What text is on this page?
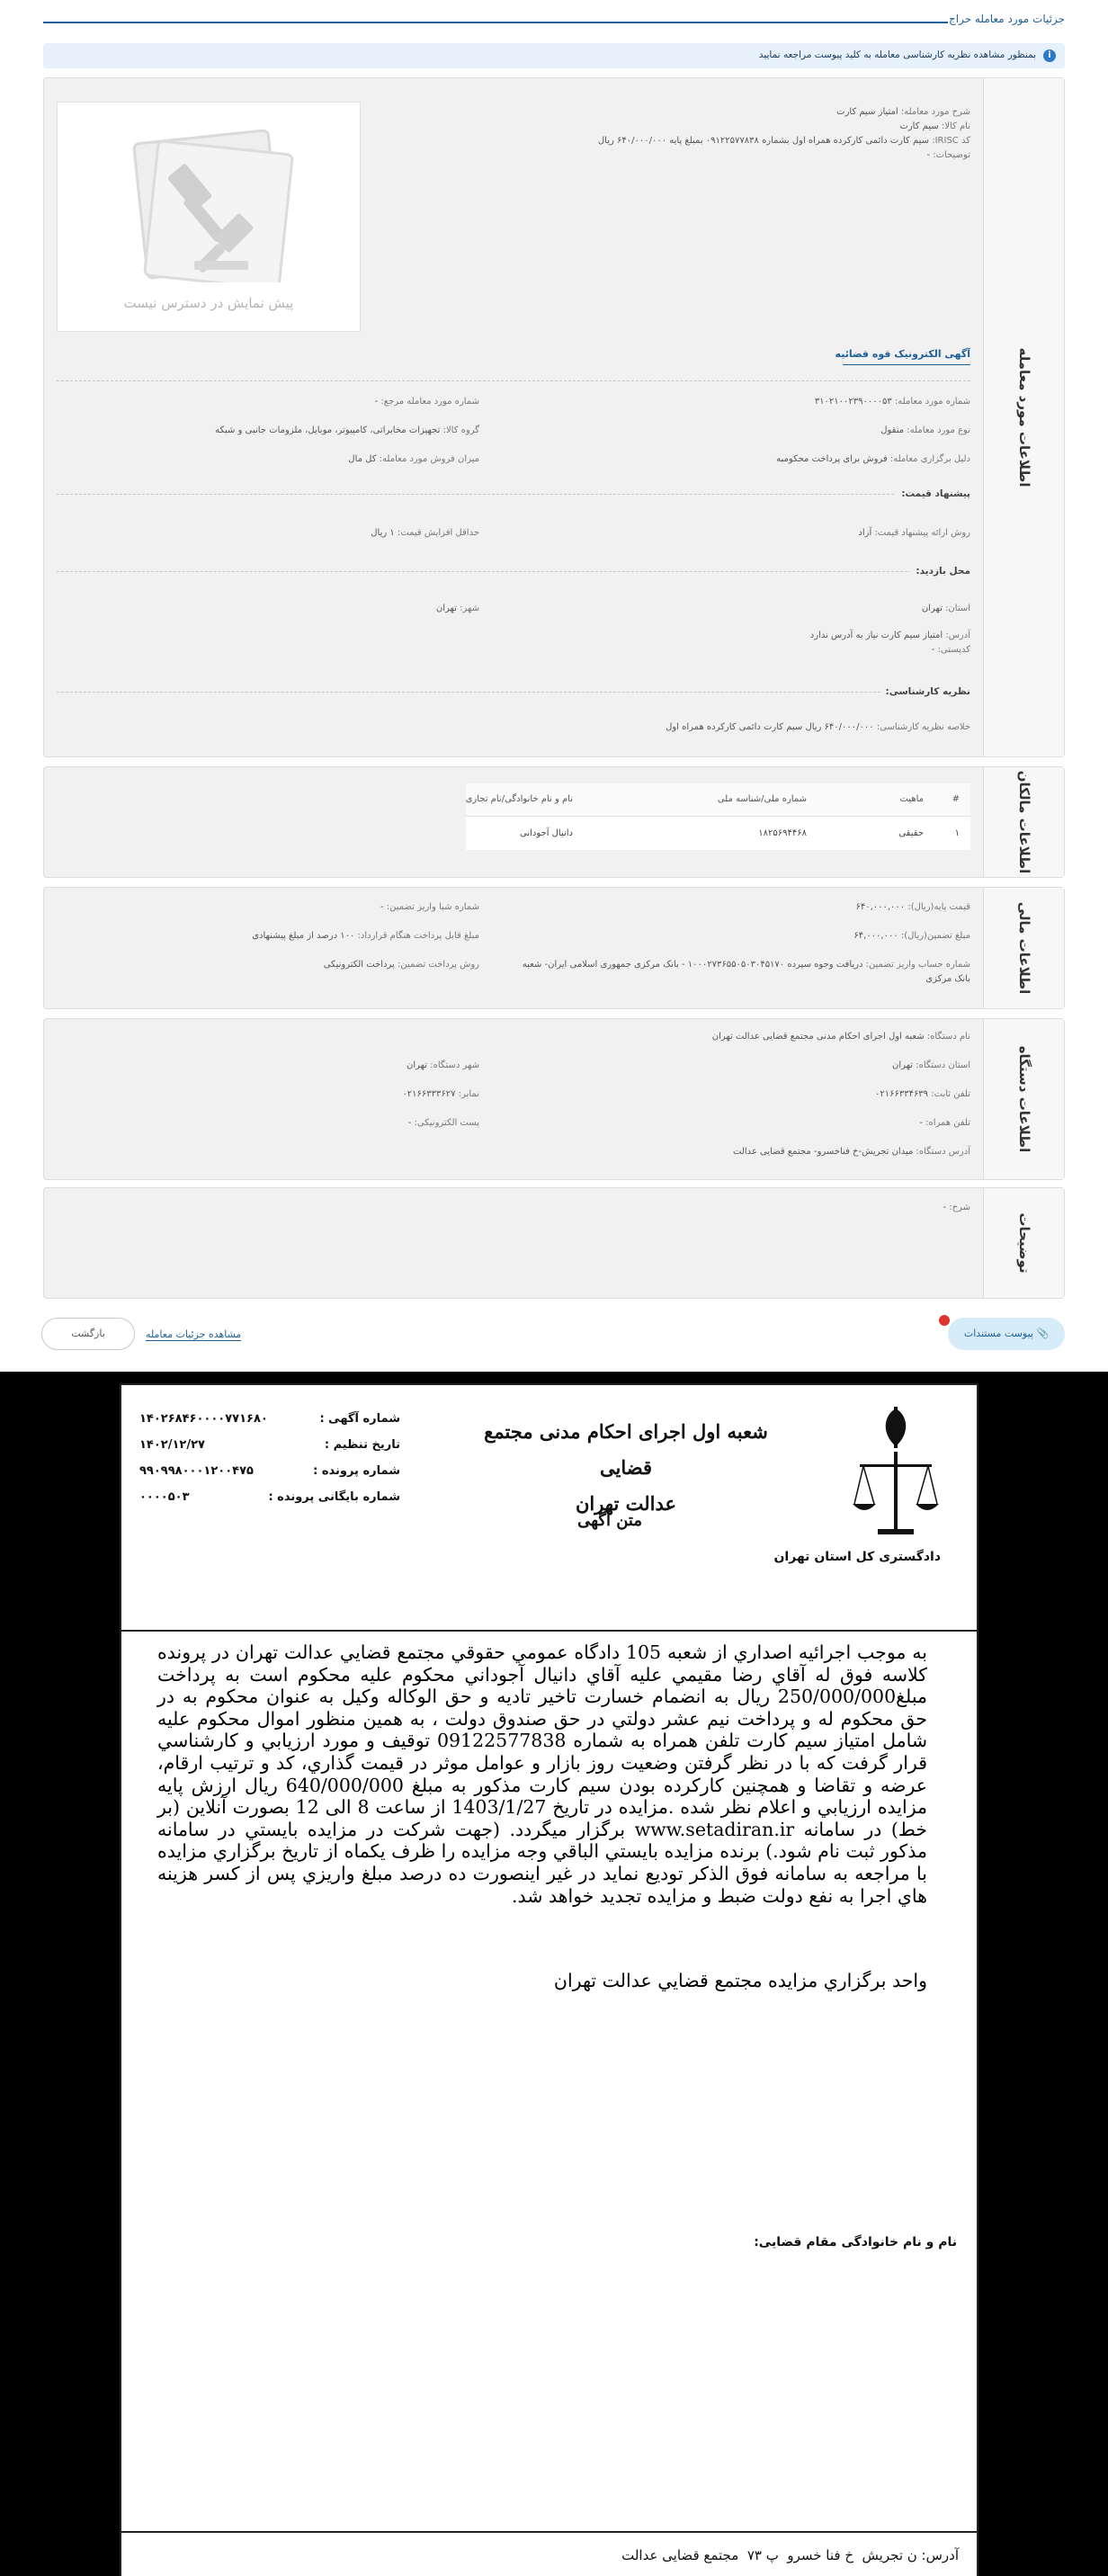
جزئیات مورد معامله حراج
i
بمنظور مشاهده نظریه کارشناسی معامله به کلید پیوست مراجعه نمایید
اطلاعات مورد معامله
شرح مورد معامله: امتیاز سیم کارت
نام کالا: سیم کارت
کد IRISC: سیم کارت دائمی کارکرده همراه اول بشماره ۰۹۱۲۲۵۷۷۸۳۸ بمبلغ پایه ۶۴۰/۰۰۰/۰۰۰ ریال
توضیحات: -
پیش نمایش در دسترس نیست
آگهی الکترونیک قوه قضائیه
شماره مورد معامله: ۳۱۰۲۱۰۰۲۳۹۰۰۰۰۵۳
شماره مورد معامله مرجع: -
نوع مورد معامله: منقول
گروه کالا: تجهیزات مخابراتی، کامپیوتر، موبایل، ملزومات جانبی و شبکه
دلیل برگزاری معامله: فروش برای پرداخت محکومبه
میزان فروش مورد معامله: کل مال
پیشنهاد قیمت:
روش ارائه پیشنهاد قیمت: آزاد
حداقل افزایش قیمت: ۱ ریال
محل بازدید:
استان: تهران
شهر: تهران
آدرس: امتیاز سیم کارت نیاز به آدرس ندارد
کدپستی: -
نظریه کارشناسی:
خلاصه نظریه کارشناسی: ۶۴۰/۰۰۰/۰۰۰ ریال سیم کارت دائمی کارکرده همراه اول
اطلاعات مالکان
#	ماهیت	شماره ملی/شناسه ملی	نام و نام خانوادگی/نام تجاری
۱	حقیقی	۱۸۲۵۶۹۴۴۶۸	دانیال آجودانی
اطلاعات مالی
قیمت پایه(ریال): ۶۴۰,۰۰۰,۰۰۰
شماره شبا واریز تضمین: -
مبلغ تضمین(ریال): ۶۴,۰۰۰,۰۰۰
مبلغ قابل پرداخت هنگام قرارداد: ۱۰۰ درصد از مبلغ پیشنهادی
شماره حساب واریز تضمین: دریافت وجوه سپرده ۱۰۰۰۲۷۳۶۵۵۰۵۰۳۰۴۵۱۷۰ - بانک مرکزی جمهوری اسلامی ایران- شعبه
بانک مرکزی
روش پرداخت تضمین: پرداخت الکترونیکی
اطلاعات دستگاه
نام دستگاه: شعبه اول اجرای احکام مدنی مجتمع قضایی عدالت تهران
استان دستگاه: تهران
شهر دستگاه: تهران
تلفن ثابت: ۰۲۱۶۶۳۳۴۶۳۹
نمابر: ۰۲۱۶۶۳۳۳۶۲۷
تلفن همراه: -
پست الکترونیکی: -
آدرس دستگاه: میدان تجریش-خ فناخسرو- مجتمع قضایی عدالت
توضیحات
شرح: -
📎 پیوست مستندات
مشاهده جزئیات معامله
بازگشت
دادگستری کل استان تهران
شعبه اول اجرای احکام مدنی مجتمع قضایی
عدالت تهران
متن آگهی
شماره آگهی :
۱۴۰۲۶۸۴۶۰۰۰۰۷۷۱۶۸۰
تاریخ تنظیم :
۱۴۰۲/۱۲/۲۷
شماره پرونده :
۹۹۰۹۹۸۰۰۰۱۲۰۰۴۷۵
شماره بایگانی پرونده :
۰۰۰۰۵۰۳
به موجب اجرائيه اصداري از شعبه 105 دادگاه عمومي حقوقي مجتمع قضايي عدالت تهران در پرونده كلاسه فوق له آقاي رضا مقيمي عليه آقاي دانيال آجوداني محكوم عليه محكوم است به پرداخت مبلغ250/000/000 ريال به انضمام خسارت تاخير تاديه و حق الوكاله وكيل به عنوان محكوم به در حق محكوم له و پرداخت نيم عشر دولتي در حق صندوق دولت ، به همين منظور اموال محكوم عليه شامل امتياز سيم كارت تلفن همراه به شماره 09122577838 توقيف و مورد ارزيابي و كارشناسي قرار گرفت كه با در نظر گرفتن وضعيت روز بازار و عوامل موثر در قيمت گذاري، كد و ترتيب ارقام، عرضه و تقاضا و همچنين كاركرده بودن سيم كارت مذكور به مبلغ 640/000/000 ريال ارزش پايه مزايده ارزيابي و اعلام نظر شده .مزايده در تاريخ 1403/1/27 از ساعت 8 الی 12 بصورت آنلاين (بر خط) در سامانه www.setadiran.ir برگزار ميگردد. (جهت شركت در مزايده بايستي در سامانه مذكور ثبت نام شود.) برنده مزايده بايستي الباقي وجه مزايده را ظرف يكماه از تاريخ برگزاري مزايده با مراجعه به سامانه فوق الذكر توديع نمايد در غير اينصورت ده درصد مبلغ واريزي پس از كسر هزينه هاي اجرا به نفع دولت ضبط و مزايده تجديد خواهد شد.
واحد برگزاري مزايده مجتمع قضايي عدالت تهران
نام و نام خانوادگی مقام قضایی:
آدرس: ن تجریش ￼ خ فنا خسرو ￼ پ ۷۳ ￼ مجتمع قضایی عدالت
